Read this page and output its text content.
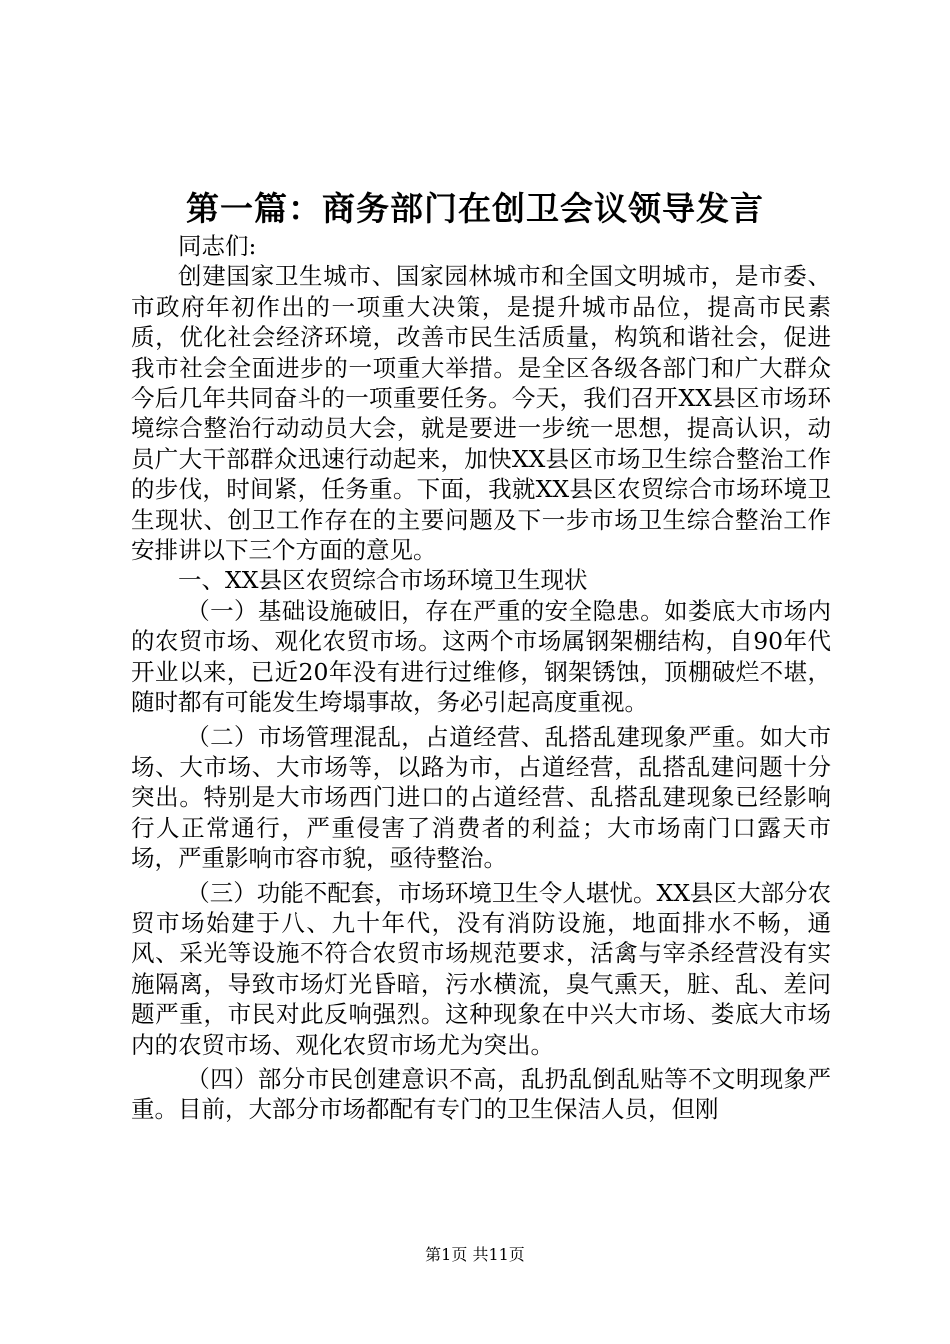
第一篇：商务部门在创卫会议领导发言

同志们:

创建国家卫生城市、国家园林城市和全国文明城市，是市委、市政府年初作出的一项重大决策，是提升城市品位，提高市民素质，优化社会经济环境，改善市民生活质量，构筑和谐社会，促进我市社会全面进步的一项重大举措。是全区各级各部门和广大群众今后几年共同奋斗的一项重要任务。今天，我们召开XX县区市场环境综合整治行动动员大会，就是要进一步统一思想，提高认识，动员广大干部群众迅速行动起来，加快XX县区市场卫生综合整治工作的步伐，时间紧，任务重。下面，我就XX县区农贸综合市场环境卫生现状、创卫工作存在的主要问题及下一步市场卫生综合整治工作安排讲以下三个方面的意见。

一、XX县区农贸综合市场环境卫生现状

（一）基础设施破旧，存在严重的安全隐患。如娄底大市场内的农贸市场、观化农贸市场。这两个市场属钢架棚结构，自90年代开业以来，已近20年没有进行过维修，钢架锈蚀，顶棚破烂不堪，随时都有可能发生垮塌事故，务必引起高度重视。

（二）市场管理混乱，占道经营、乱搭乱建现象严重。如大市场、大市场、大市场等，以路为市，占道经营，乱搭乱建问题十分突出。特别是大市场西门进口的占道经营、乱搭乱建现象已经影响行人正常通行，严重侵害了消费者的利益；大市场南门口露天市场，严重影响市容市貌，亟待整治。

（三）功能不配套，市场环境卫生令人堪忧。XX县区大部分农贸市场始建于八、九十年代，没有消防设施，地面排水不畅，通风、采光等设施不符合农贸市场规范要求，活禽与宰杀经营没有实施隔离，导致市场灯光昏暗，污水横流，臭气熏天，脏、乱、差问题严重，市民对此反响强烈。这种现象在中兴大市场、娄底大市场内的农贸市场、观化农贸市场尤为突出。

（四）部分市民创建意识不高，乱扔乱倒乱贴等不文明现象严重。目前，大部分市场都配有专门的卫生保洁人员，但刚

第1页 共11页
